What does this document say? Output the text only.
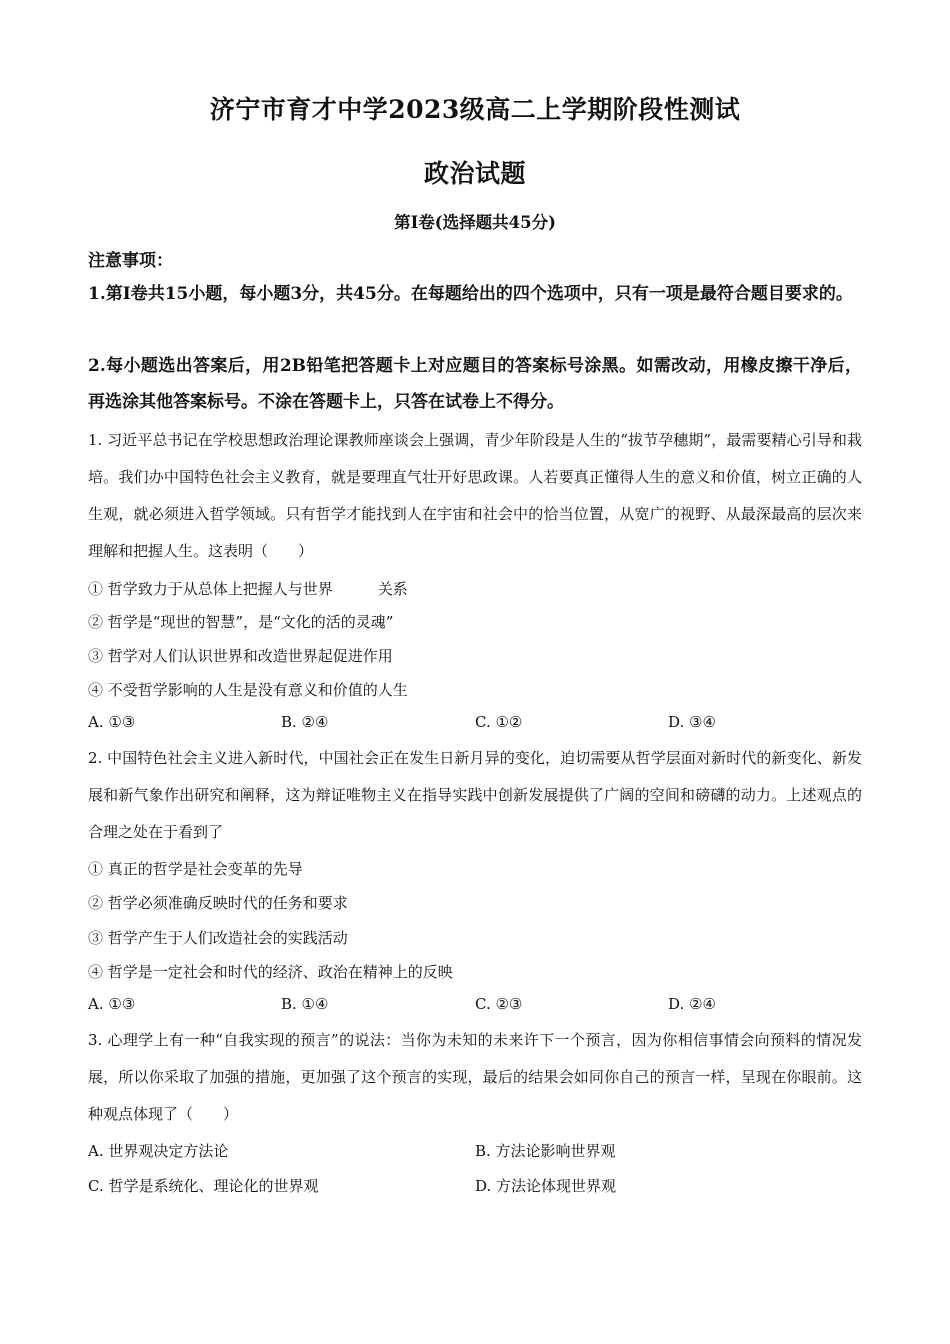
济宁市育才中学2023级高二上学期阶段性测试
政治试题
第Ⅰ卷(选择题共45分)
注意事项：
1.第Ⅰ卷共15小题，每小题3分，共45分。在每题给出的四个选项中，只有一项是最符合题目要求的。
2.每小题选出答案后，用2B铅笔把答题卡上对应题目的答案标号涂黑。如需改动，用橡皮擦干净后，再选涂其他答案标号。不涂在答题卡上，只答在试卷上不得分。
1. 习近平总书记在学校思想政治理论课教师座谈会上强调，青少年阶段是人生的“拔节孕穗期”，最需要精心引导和栽培。我们办中国特色社会主义教育，就是要理直气壮开好思政课。人若要真正懂得人生的意义和价值，树立正确的人生观，就必须进入哲学领域。只有哲学才能找到人在宇宙和社会中的恰当位置，从宽广的视野、从最深最高的层次来理解和把握人生。这表明（　　）
① 哲学致力于从总体上把握人与世界　　　关系
② 哲学是“现世的智慧”，是“文化的活的灵魂”
③ 哲学对人们认识世界和改造世界起促进作用
④ 不受哲学影响的人生是没有意义和价值的人生
A. ①③	B. ②④	C. ①②	D. ③④
2. 中国特色社会主义进入新时代，中国社会正在发生日新月异的变化，迫切需要从哲学层面对新时代的新变化、新发展和新气象作出研究和阐释，这为辩证唯物主义在指导实践中创新发展提供了广阔的空间和磅礴的动力。上述观点的合理之处在于看到了
① 真正的哲学是社会变革的先导
② 哲学必须准确反映时代的任务和要求
③ 哲学产生于人们改造社会的实践活动
④ 哲学是一定社会和时代的经济、政治在精神上的反映
A. ①③	B. ①④	C. ②③	D. ②④
3. 心理学上有一种“自我实现的预言”的说法：当你为未知的未来许下一个预言，因为你相信事情会向预料的情况发展，所以你采取了加强的措施，更加强了这个预言的实现，最后的结果会如同你自己的预言一样，呈现在你眼前。这种观点体现了（　　）
A. 世界观决定方法论	B. 方法论影响世界观
C. 哲学是系统化、理论化的世界观	D. 方法论体现世界观
